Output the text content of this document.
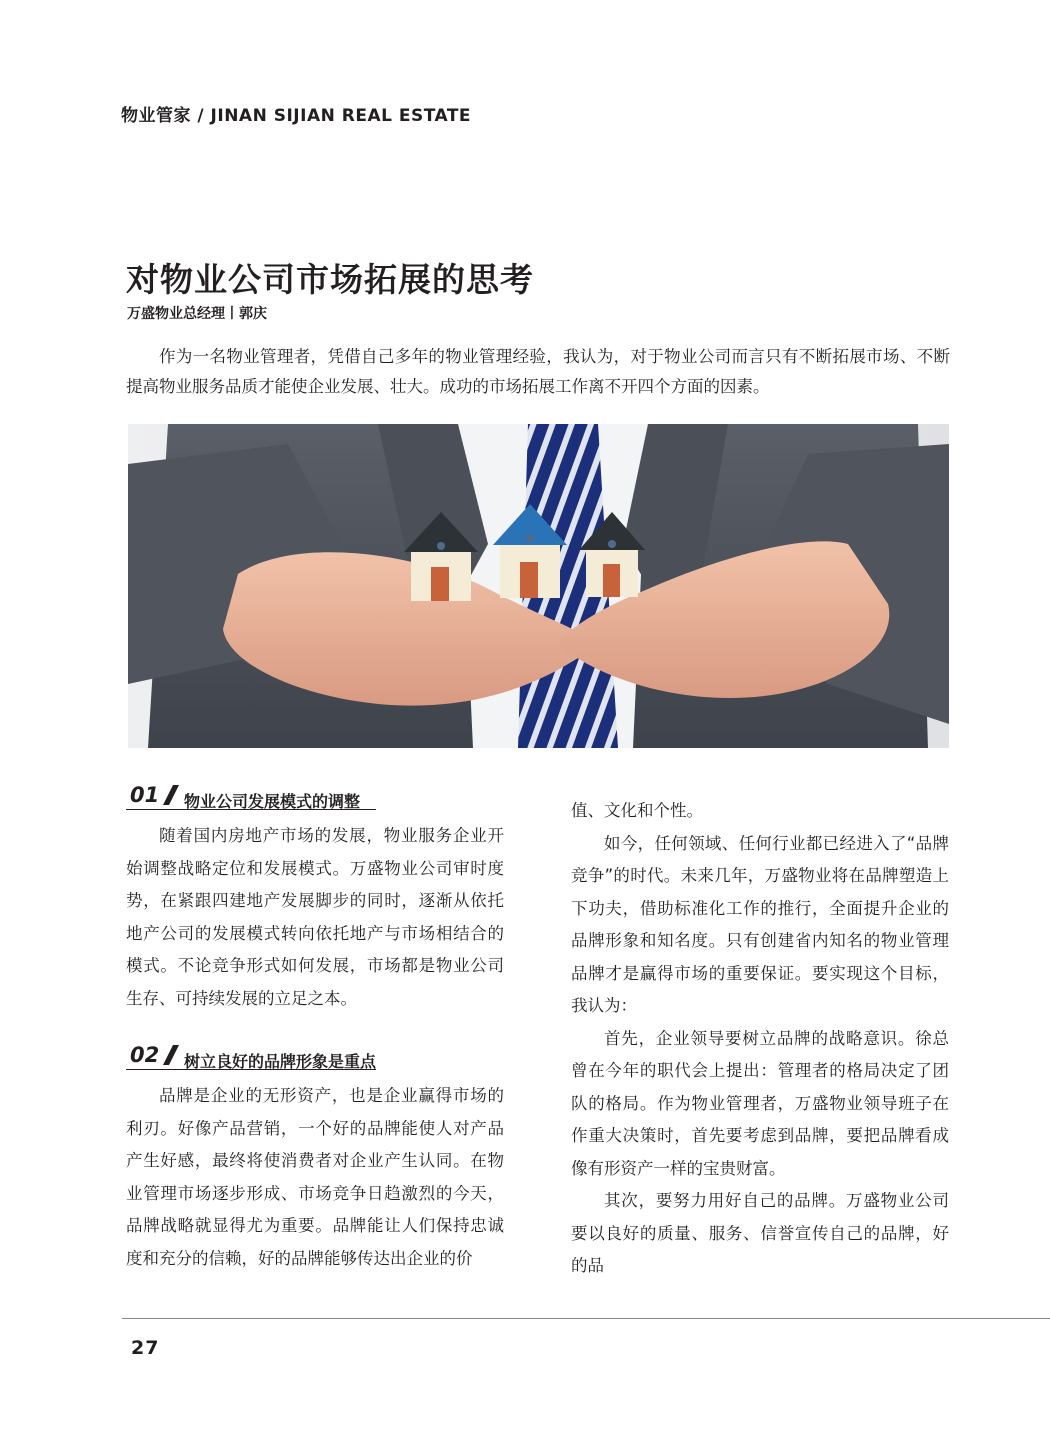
物业管家 / JINAN SIJIAN REAL ESTATE
对物业公司市场拓展的思考
万盛物业总经理丨郭庆
作为一名物业管理者，凭借自己多年的物业管理经验，我认为，对于物业公司而言只有不断拓展市场、不断提高物业服务品质才能使企业发展、壮大。成功的市场拓展工作离不开四个方面的因素。
01 物业公司发展模式的调整

随着国内房地产市场的发展，物业服务企业开始调整战略定位和发展模式。万盛物业公司审时度势，在紧跟四建地产发展脚步的同时，逐渐从依托地产公司的发展模式转向依托地产与市场相结合的模式。不论竞争形式如何发展，市场都是物业公司生存、可持续发展的立足之本。

02 树立良好的品牌形象是重点

品牌是企业的无形资产，也是企业赢得市场的利刃。好像产品营销，一个好的品牌能使人对产品产生好感，最终将使消费者对企业产生认同。在物业管理市场逐步形成、市场竞争日趋激烈的今天，品牌战略就显得尤为重要。品牌能让人们保持忠诚度和充分的信赖，好的品牌能够传达出企业的价

值、文化和个性。

如今，任何领域、任何行业都已经进入了“品牌竞争”的时代。未来几年，万盛物业将在品牌塑造上下功夫，借助标准化工作的推行，全面提升企业的品牌形象和知名度。只有创建省内知名的物业管理品牌才是赢得市场的重要保证。要实现这个目标，我认为：

首先，企业领导要树立品牌的战略意识。徐总曾在今年的职代会上提出：管理者的格局决定了团队的格局。作为物业管理者，万盛物业领导班子在作重大决策时，首先要考虑到品牌，要把品牌看成像有形资产一样的宝贵财富。

其次，要努力用好自己的品牌。万盛物业公司要以良好的质量、服务、信誉宣传自己的品牌，好的品

27
